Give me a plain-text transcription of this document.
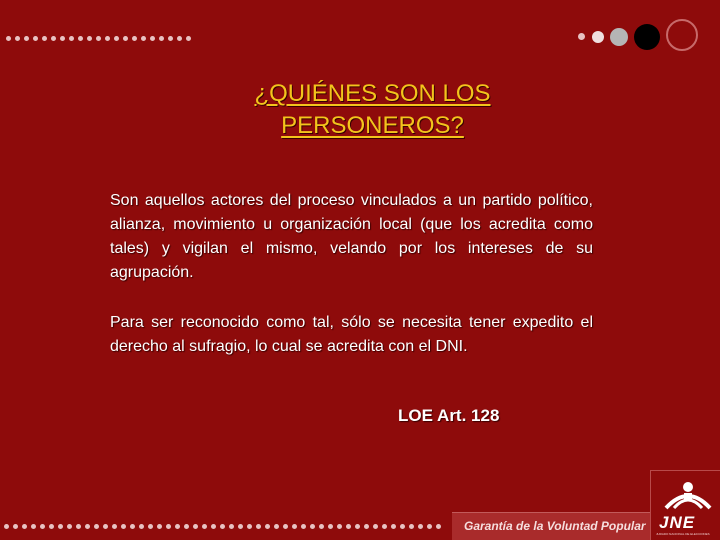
¿QUIÉNES SON LOS
PERSONEROS?

Son aquellos actores del proceso vinculados a un partido político, alianza, movimiento u organización local (que los acredita como tales) y vigilan el mismo, velando por los intereses de su agrupación.

Para ser reconocido como tal, sólo se necesita tener expedito el derecho al sufragio, lo cual se acredita con el DNI.

LOE Art. 128
Garantía de la Voluntad Popular JNE
JURADO NACIONAL DE ELECCIONES
